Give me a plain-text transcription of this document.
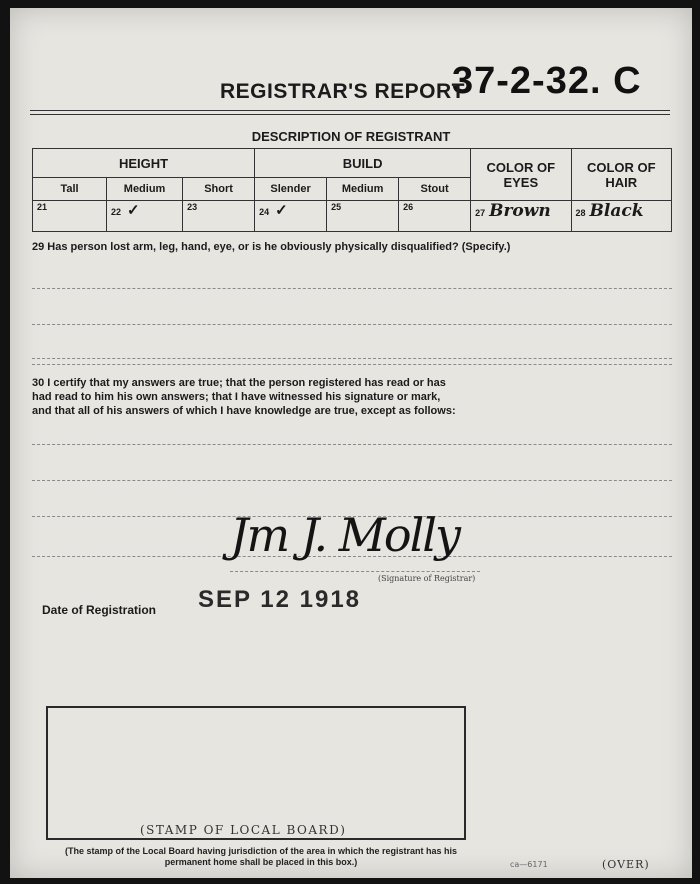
37-2-32. C
REGISTRAR'S REPORT
DESCRIPTION OF REGISTRANT
HEIGHT			BUILD			COLOR OF EYES	COLOR OF HAIR
Tall	Medium	Short	Slender	Medium	Stout		
21	22 ✓	23	24 ✓	25	26	27 Brown	28 Black
29 Has person lost arm, leg, hand, eye, or is he obviously physically disqualified? (Specify.)
30 I certify that my answers are true; that the person registered has read or has
had read to him his own answers; that I have witnessed his signature or mark,
and that all of his answers of which I have knowledge are true, except as follows:
Jm J. Molly
(Signature of Registrar)
Date of Registration SEP 12 1918
(STAMP OF LOCAL BOARD)
(The stamp of the Local Board having jurisdiction of the area in which the registrant has his permanent home shall be placed in this box.)	ca—6171	(OVER)
